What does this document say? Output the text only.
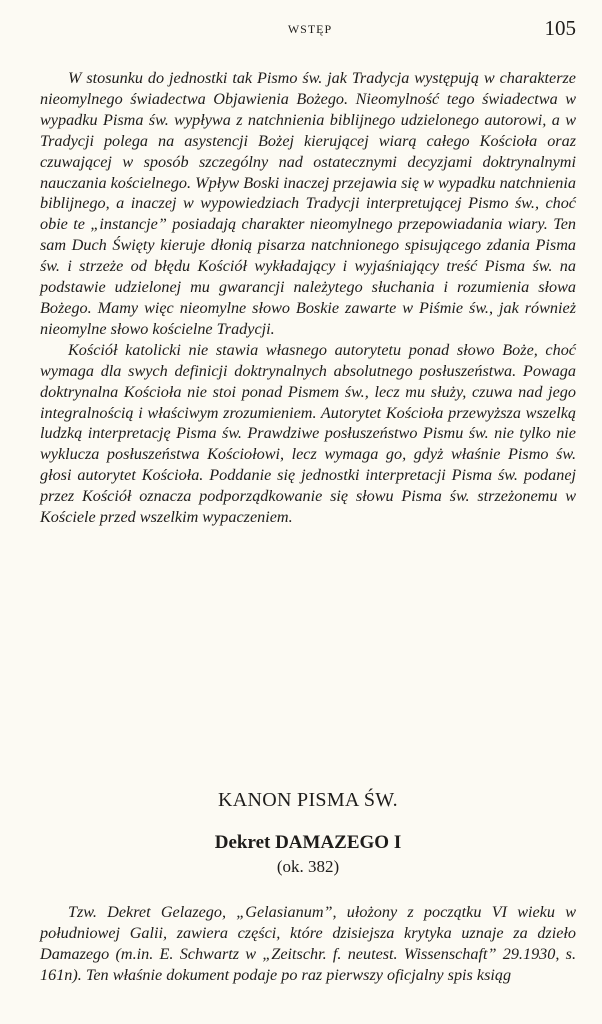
WSTĘP	105

W stosunku do jednostki tak Pismo św. jak Tradycja występują w charakterze nieomylnego świadectwa Objawienia Bożego. Nieomylność tego świadectwa w wypadku Pisma św. wypływa z natchnienia biblijnego udzielonego autorowi, a w Tradycji polega na asystencji Bożej kierującej wiarą całego Kościoła oraz czuwającej w sposób szczególny nad ostatecznymi decyzjami doktrynalnymi nauczania kościelnego. Wpływ Boski inaczej przejawia się w wypadku natchnienia biblijnego, a inaczej w wypowiedziach Tradycji interpretującej Pismo św., choć obie te „instancje” posiadają charakter nieomylnego przepowiadania wiary. Ten sam Duch Święty kieruje dłonią pisarza natchnionego spisującego zdania Pisma św. i strzeże od błędu Kościół wykładający i wyjaśniający treść Pisma św. na podstawie udzielonej mu gwarancji należytego słuchania i rozumienia słowa Bożego. Mamy więc nieomylne słowo Boskie zawarte w Piśmie św., jak również nieomylne słowo kościelne Tradycji.

Kościół katolicki nie stawia własnego autorytetu ponad słowo Boże, choć wymaga dla swych definicji doktrynalnych absolutnego posłuszeństwa. Powaga doktrynalna Kościoła nie stoi ponad Pismem św., lecz mu służy, czuwa nad jego integralnością i właściwym zrozumieniem. Autorytet Kościoła przewyższa wszelką ludzką interpretację Pisma św. Prawdziwe posłuszeństwo Pismu św. nie tylko nie wyklucza posłuszeństwa Kościołowi, lecz wymaga go, gdyż właśnie Pismo św. głosi autorytet Kościoła. Poddanie się jednostki interpretacji Pisma św. podanej przez Kościół oznacza podporządkowanie się słowu Pisma św. strzeżonemu w Kościele przed wszelkim wypaczeniem.

KANON PISMA ŚW.
Dekret DAMAZEGO I
(ok. 382)

Tzw. Dekret Gelazego, „Gelasianum”, ułożony z początku VI wieku w południowej Galii, zawiera części, które dzisiejsza krytyka uznaje za dzieło Damazego (m.in. E. Schwartz w „Zeitschr. f. neutest. Wissenschaft” 29.1930, s. 161n). Ten właśnie dokument podaje po raz pierwszy oficjalny spis ksiąg
